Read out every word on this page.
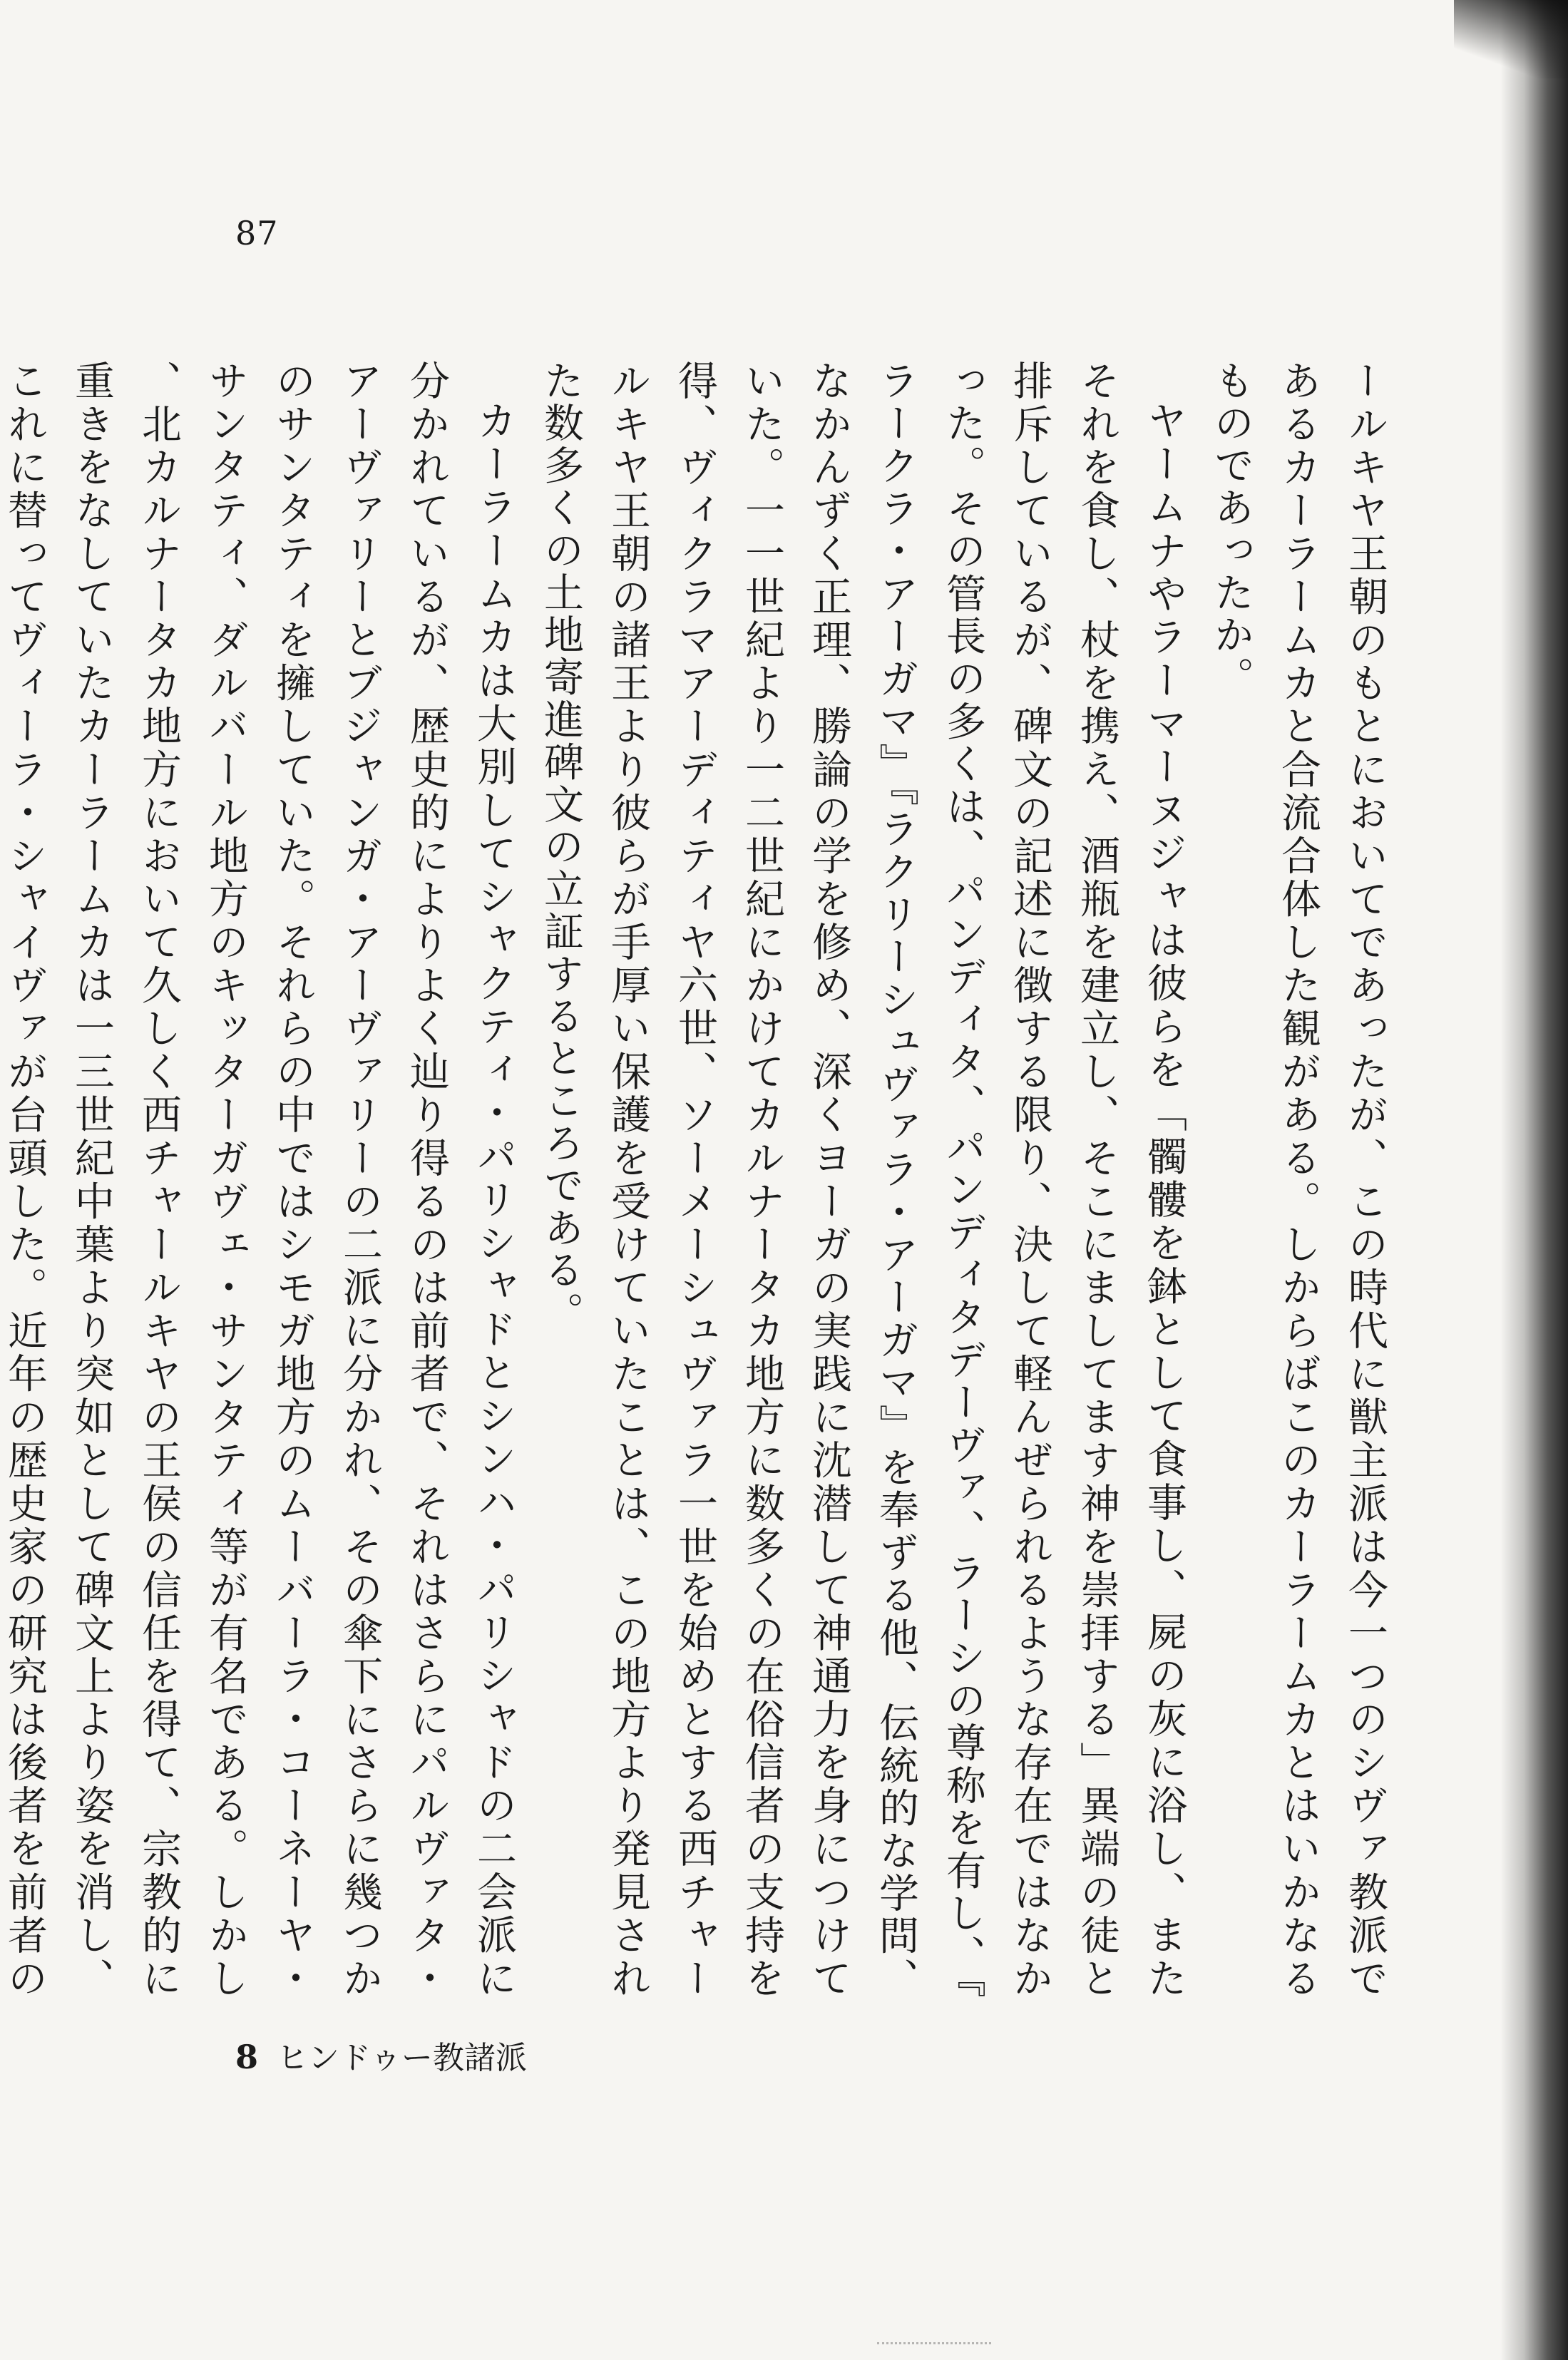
87

ールキヤ王朝のもとにおいてであったが、この時代に獣主派は今一つのシヴァ教派であるカーラームカと合流合体した観がある。しからばこのカーラームカとはいかなるものであったか。

ヤームナやラーマーヌジャは彼らを「髑髏を鉢として食事し、屍の灰に浴し、またそれを食し、杖を携え、酒瓶を建立し、そこにましてます神を崇拝する」異端の徒と排斥しているが、碑文の記述に徴する限り、決して軽んぜられるような存在ではなかった。その管長の多くは、パンディタ、パンディタデーヴァ、ラーシの尊称を有し、『ラークラ・アーガマ』『ラクリーシュヴァラ・アーガマ』を奉ずる他、伝統的な学問、なかんずく正理、勝論の学を修め、深くヨーガの実践に沈潜して神通力を身につけていた。一一世紀より一二世紀にかけてカルナータカ地方に数多くの在俗信者の支持を得、ヴィクラマアーディティヤ六世、ソーメーシュヴァラ一世を始めとする西チャールキヤ王朝の諸王より彼らが手厚い保護を受けていたことは、この地方より発見された数多くの土地寄進碑文の立証するところである。

カーラームカは大別してシャクティ・パリシャドとシンハ・パリシャドの二会派に分かれているが、歴史的によりよく辿り得るのは前者で、それはさらにパルヴァタ・アーヴァリーとブジャンガ・アーヴァリーの二派に分かれ、その傘下にさらに幾つかのサンタティを擁していた。それらの中ではシモガ地方のムーバーラ・コーネーヤ・サンタティ、ダルバール地方のキッターガヴェ・サンタティ等が有名である。しかし、北カルナータカ地方において久しく西チャールキヤの王侯の信任を得て、宗教的に重きをなしていたカーラームカは一三世紀中葉より突如として碑文上より姿を消し、これに替ってヴィーラ・シャイヴァが台頭した。近年の歴史家の研究は後者を前者の

8 ヒンドゥー教諸派
